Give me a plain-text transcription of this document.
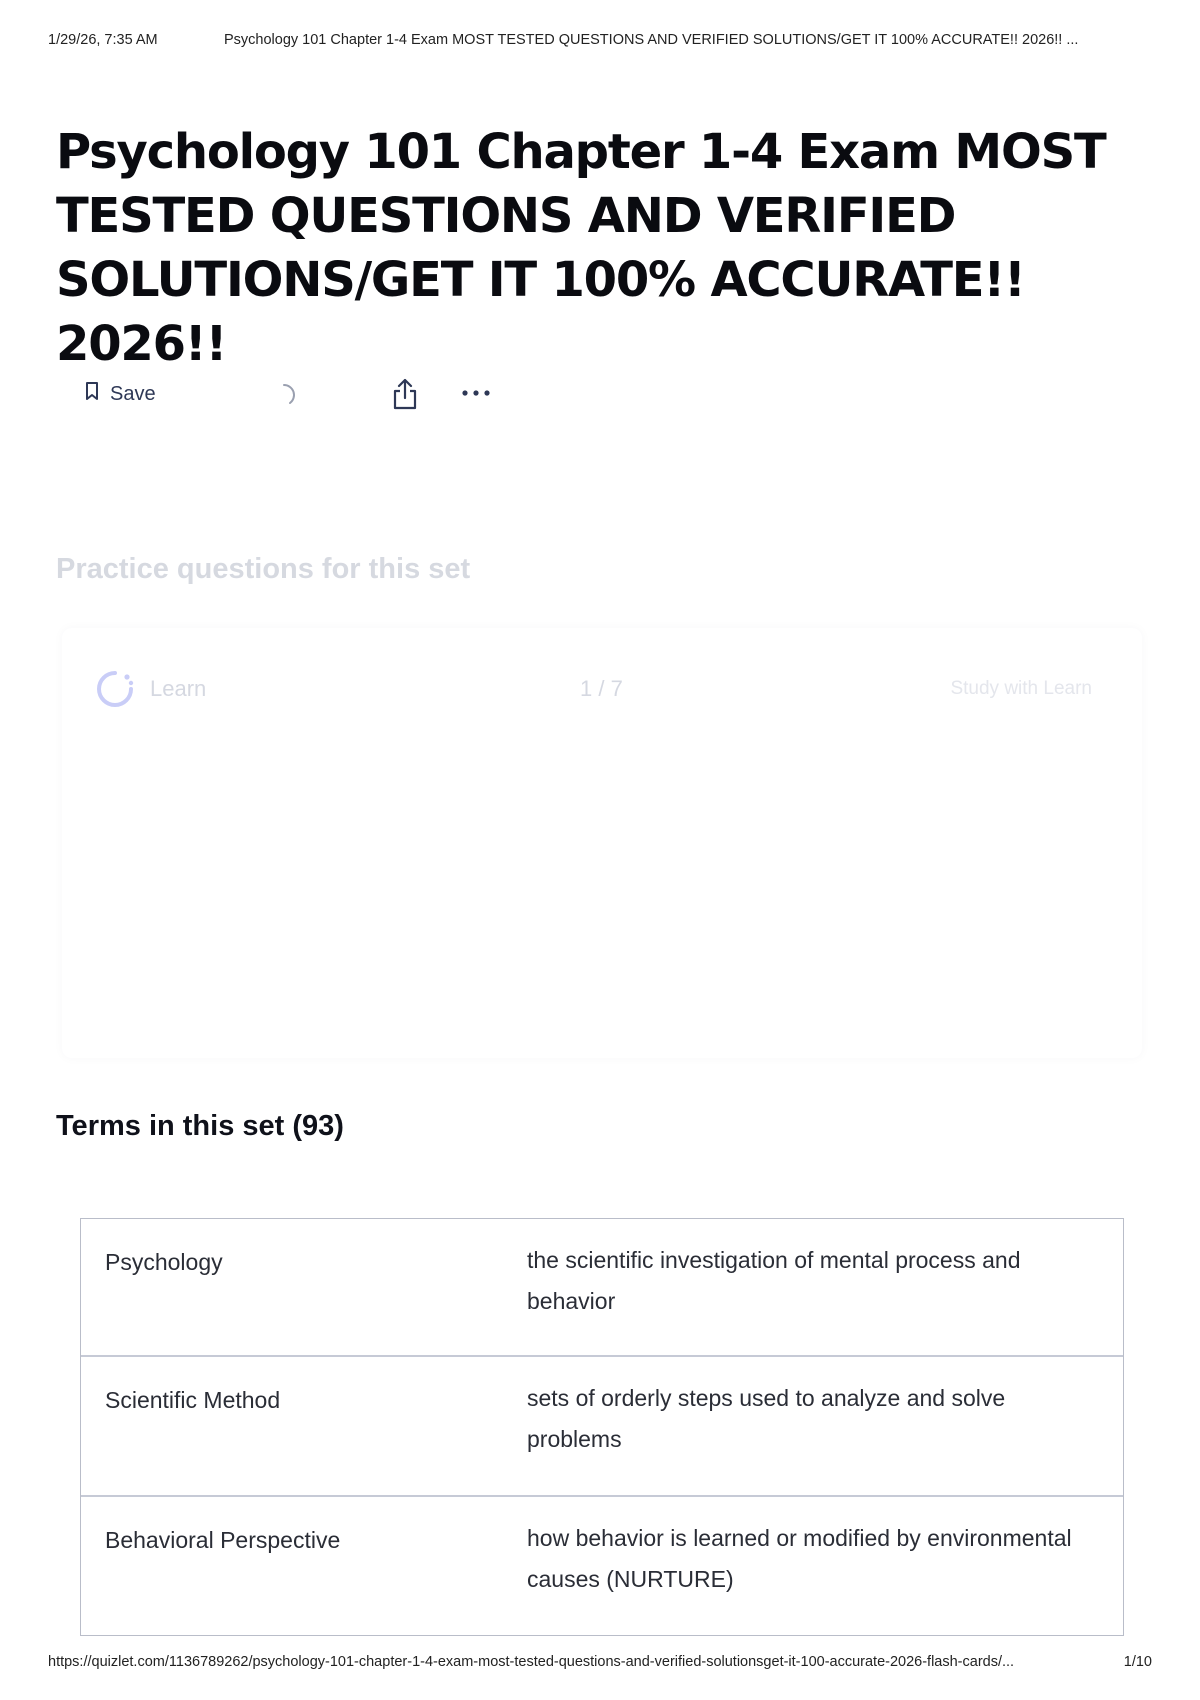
1/29/26, 7:35 AM	Psychology 101 Chapter 1-4 Exam MOST TESTED QUESTIONS AND VERIFIED SOLUTIONS/GET IT 100% ACCURATE!! 2026!! ...
Psychology 101 Chapter 1-4 Exam MOST TESTED QUESTIONS AND VERIFIED SOLUTIONS/GET IT 100% ACCURATE!! 2026!!
Save
Practice questions for this set
Learn	1 / 7	Study with Learn
Terms in this set (93)
Psychology	the scientific investigation of mental process and behavior
Scientific Method	sets of orderly steps used to analyze and solve problems
Behavioral Perspective	how behavior is learned or modified by environmental causes (NURTURE)
https://quizlet.com/1136789262/psychology-101-chapter-1-4-exam-most-tested-questions-and-verified-solutionsget-it-100-accurate-2026-flash-cards/...	1/10
